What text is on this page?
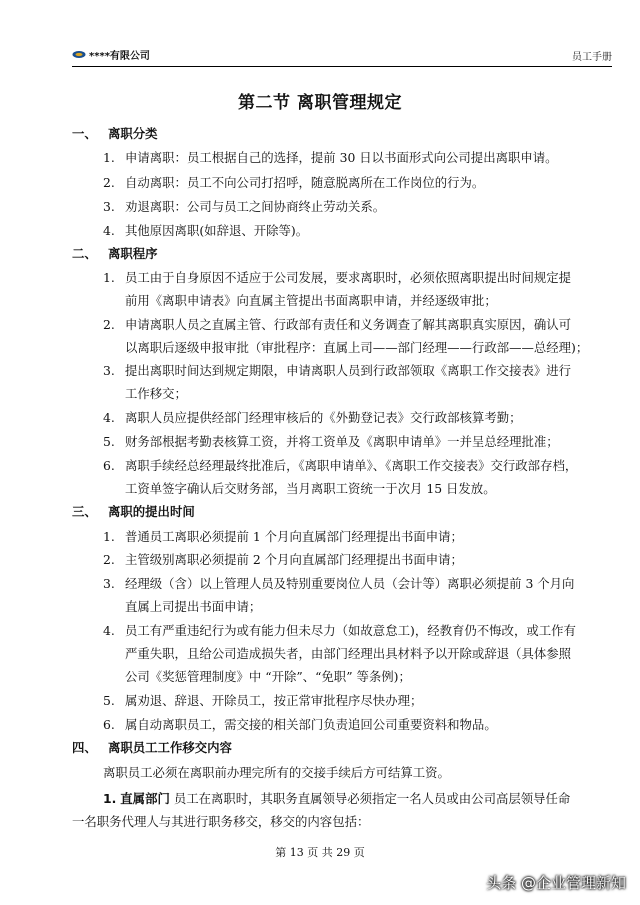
****有限公司	员工手册
第二节 离职管理规定
一、 离职分类
1. 申请离职：员工根据自己的选择，提前 30 日以书面形式向公司提出离职申请。
2. 自动离职：员工不向公司打招呼，随意脱离所在工作岗位的行为。
3. 劝退离职：公司与员工之间协商终止劳动关系。
4. 其他原因离职(如辞退、开除等)。
二、 离职程序
1. 员工由于自身原因不适应于公司发展，要求离职时，必须依照离职提出时间规定提
前用《离职申请表》向直属主管提出书面离职申请，并经逐级审批；
2. 申请离职人员之直属主管、行政部有责任和义务调查了解其离职真实原因，确认可
以离职后逐级申报审批（审批程序：直属上司——部门经理——行政部——总经理)；
3. 提出离职时间达到规定期限，申请离职人员到行政部领取《离职工作交接表》进行
工作移交；
4. 离职人员应提供经部门经理审核后的《外勤登记表》交行政部核算考勤；
5. 财务部根据考勤表核算工资，并将工资单及《离职申请单》一并呈总经理批准；
6. 离职手续经总经理最终批准后，《离职申请单》、《离职工作交接表》交行政部存档，
工资单签字确认后交财务部，当月离职工资统一于次月 15 日发放。
三、 离职的提出时间
1. 普通员工离职必须提前 1 个月向直属部门经理提出书面申请；
2. 主管级别离职必须提前 2 个月向直属部门经理提出书面申请；
3. 经理级（含）以上管理人员及特别重要岗位人员（会计等）离职必须提前 3 个月向
直属上司提出书面申请；
4. 员工有严重违纪行为或有能力但未尽力（如故意怠工)，经教育仍不悔改，或工作有
严重失职，且给公司造成损失者，由部门经理出具材料予以开除或辞退（具体参照
公司《奖惩管理制度》中 “开除”、“免职” 等条例)；
5. 属劝退、辞退、开除员工，按正常审批程序尽快办理；
6. 属自动离职员工，需交接的相关部门负责追回公司重要资料和物品。
四、 离职员工工作移交内容
离职员工必须在离职前办理完所有的交接手续后方可结算工资。
1. 直属部门 员工在离职时，其职务直属领导必须指定一名人员或由公司高层领导任命
一名职务代理人与其进行职务移交，移交的内容包括：
第 13 页 共 29 页
头条 @企业管理新知
